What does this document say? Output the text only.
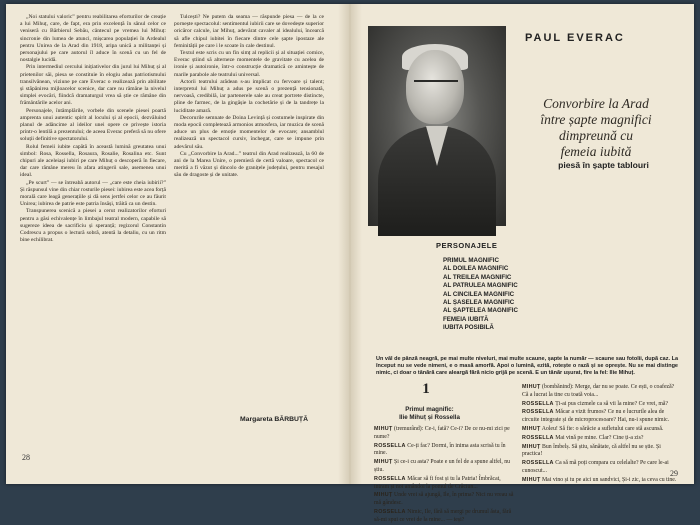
„Noi statului valoric” pentru reabilitarea eforturilor de creație a lui Mihuț, care, de fapt, era prin excelență în sânul celor ce veniseră cu Bărbierul Sebău, cântecul pe vremea lui Mihuț: sincronie din lumea de atunci, mișcarea populației în Ardealul pentru Unirea de la Arad din 1918, aripa unică a militanței și personajului pe care autorul îl aduce în scenă cu un fel de nostalgie lucidă.

Prin intermediul cercului inițiativelor din jurul lui Mihuț și al prietenilor săi, piesa se constituie în elogiu adus patriotismului transilvănean, viziune pe care Everac o realizează prin abilitate și stăpânirea mijloacelor scenice, dar care nu rămâne la nivelul simplei evocări, fiindcă dramaturgul vrea să știe ce rămâne din frământările acelor ani.

Personajele, întâmplările, vorbele din scenele piesei poartă amprenta unui autentic spirit al locului și al epocii, dezvăluind planul de adâncime al ideilor unei opere ce privește istoria printr-o lentilă a prezentului; de aceea Everac preferă să nu ofere soluții definitive spectatorului.

Rolul femeii iubite capătă în această lumină greutatea unui simbol: Rosa, Rossella, Rosaura, Rosalie, Rosalina etc. Sunt chipuri ale aceleiași iubiri pe care Mihuț o descoperă în fiecare, dar care rămâne mereu în afara atingerii sale, asemenea unui ideal.

„Pe scurt” — se întreabă autorul — „care este cheia iubirii?” Și răspunsul vine din chiar rosturile piesei: iubirea este acea forță morală care leagă generațiile și dă sens jertfei celor ce au făurit Unirea; iubirea de patrie este patria însăși, trăită ca un destin.

Transpunerea scenică a piesei a cerut realizatorilor eforturi pentru a găsi echivalențe în limbajul teatral modern, capabile să sugereze ideea de sacrificiu și speranță; regizorul Constantin Codrescu a propus o lectură sobră, atentă la detaliu, cu un ritm bine echilibrat.

Tulcești? Ne putem da seama — răspunde piesa — de la ce pornește spectacolul: sentimentul iubirii care se dovedește superior oricăror calcule, iar Mihuț, adevărat cavaler al idealului, încearcă să afle chipul iubitei în fiecare dintre cele șapte ipostaze ale feminității pe care i le scoate în cale destinul.

Textul este scris cu un fin simț al replicii și al situației comice, Everac știind să alterneze momentele de gravitate cu acelea de ironie și autoironie, într-o construcție dramatică ce amintește de marile parabole ale teatrului universal.

Actorii teatrului arădean s-au implicat cu fervoare și talent; interpretul lui Mihuț a adus pe scenă o prezență tensionată, nervoasă, credibilă, iar partenerele sale au creat portrete distincte, pline de farmec, de la gingășie la cochetărie și de la tandrețe la luciditate amară.

Decorurile semnate de Doina Levință și costumele inspirate din moda epocii completează armonios atmosfera, iar muzica de scenă aduce un plus de emoție momentelor de evocare; ansamblul realizează un spectacol cursiv, închegat, care se impune prin adevărul său.

Cu „Convorbire la Arad...” teatrul din Arad realizează, la 60 de ani de la Marea Unire, o premieră de certă valoare, spectacol ce merită a fi văzut și dincolo de granițele județului, pentru mesajul său de dragoste și de unitate.

Margareta BĂRBUȚĂ
28
PAUL EVERAC
Convorbire la Arad
între șapte magnifici
dimpreună cu
femeia iubită
piesă în șapte tablouri
PERSONAJELE
PRIMUL MAGNIFIC
AL DOILEA MAGNIFIC
AL TREILEA MAGNIFIC
AL PATRULEA MAGNIFIC
AL CINCILEA MAGNIFIC
AL ȘASELEA MAGNIFIC
AL ȘAPTELEA MAGNIFIC
FEMEIA IUBITĂ
IUBITA POSIBILĂ
Un vâl de pânză neagră, pe mai multe niveluri, mai multe scaune, șapte la număr — scaune sau fotolii, după caz. La început nu se vede nimeni, e o masă amorfă. Apoi o lumină, ezită, rotește o rază și se oprește. Nu se mai distinge nimic, ci doar o tânără care aleargă fără nicio grijă pe scenă. E un tânăr ușurat, fire la fel: Ilie Mihuț.
1
Primul magnific:
Ilie Mihuț și Rossella
MIHUȚ (tremurând): Ce-i, fată? Ce-i? De ce nu-mi zici pe nume?
ROSSELLA Ce-ți fac? Dormi, în inima asta scrisă tu în mine.
MIHUȚ Și ce-i cu asta? Poate e un fel de a spune altfel, nu știu.
ROSSELLA Măcar să fi fost și tu la Patria! Îmbrăcat, intram și noi amândoi la pomul de Crăciun...
MIHUȚ Unde vrei să ajungă, Ile, în prima? Nici nu vreau să mă gândesc.
ROSSELLA Nimic, Ile, fără să mergi pe drumul ăsta, fără să-mi spui ce vrei de la mine... — ieși?
MIHUȚ (bombănind): Merge, dar nu se poate. Ce ești, o coafeză? Că a lucrat la tine cu toată voia...
ROSSELLA Ți-ai pus cizmele ca să vii la mine? Ce vrei, mă?
ROSSELLA Măcar a vizit frumos? Ce nu e lucrurile alea de circuite integrate și de microprocesoare? Hai, nu-i spune nimic.
MIHUȚ Aoleu! Să fie: o sărăcie a sufletului care stă ascunsă.
ROSSELLA Mai vină pe mine. Clar? Cine ți-a zis?
MIHUȚ Bun îmbelș. Să știu, sănătate, că altfel nu se știe. Și practica!
ROSSELLA Ca să mă poți compara cu celelalte? Pe care le-ai cunoscut...
MIHUȚ Mai vino și tu pe aici un sandvici, Și-i zic, ia ceva cu tine.
29
